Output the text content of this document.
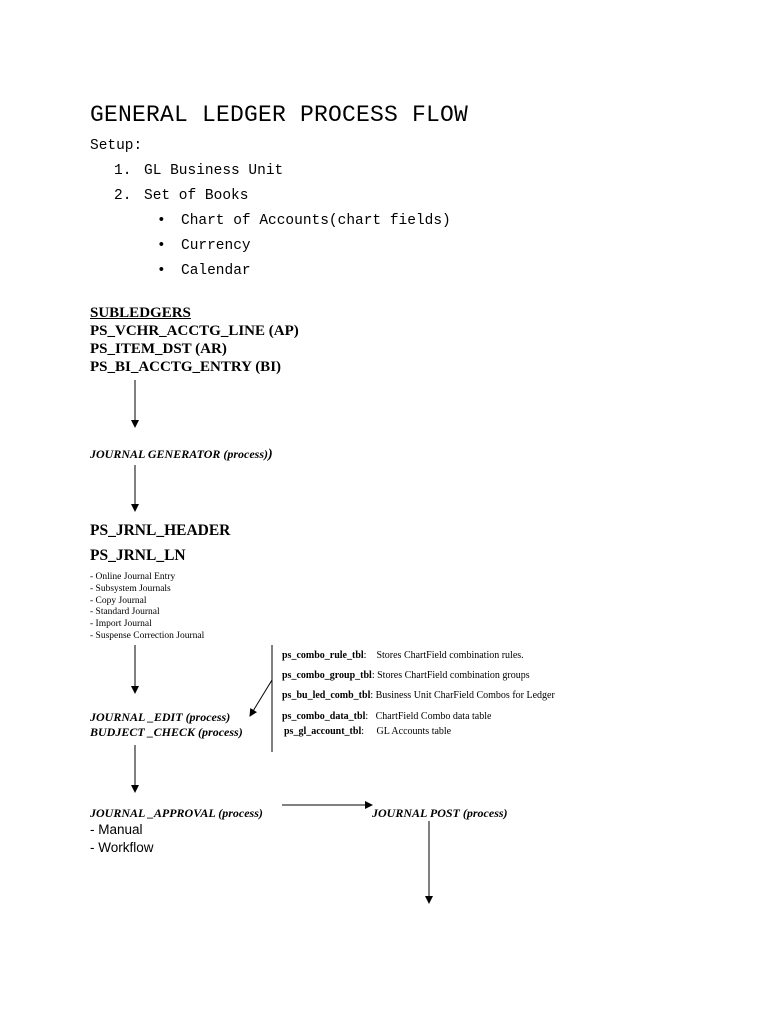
GENERAL LEDGER PROCESS FLOW
Setup:
1. GL Business Unit
2. Set of Books
• Chart of Accounts(chart fields)
• Currency
• Calendar
SUBLEDGERS
PS_VCHR_ACCTG_LINE (AP)
PS_ITEM_DST (AR)
PS_BI_ACCTG_ENTRY (BI)
JOURNAL GENERATOR (process))
PS_JRNL_HEADER
PS_JRNL_LN
- Online Journal Entry
- Subsystem Journals
- Copy Journal
- Standard Journal
- Import Journal
- Suspense Correction Journal
ps_combo_rule_tbl:    Stores ChartField combination rules.
ps_combo_group_tbl: Stores ChartField combination groups
ps_bu_led_comb_tbl: Business Unit CharField Combos for Ledger
ps_combo_data_tbl:   ChartField Combo data table
ps_gl_account_tbl:     GL Accounts table
JOURNAL _EDIT (process)
BUDJECT _CHECK (process)
JOURNAL _APPROVAL (process)
- Manual
- Workflow
JOURNAL POST (process)
